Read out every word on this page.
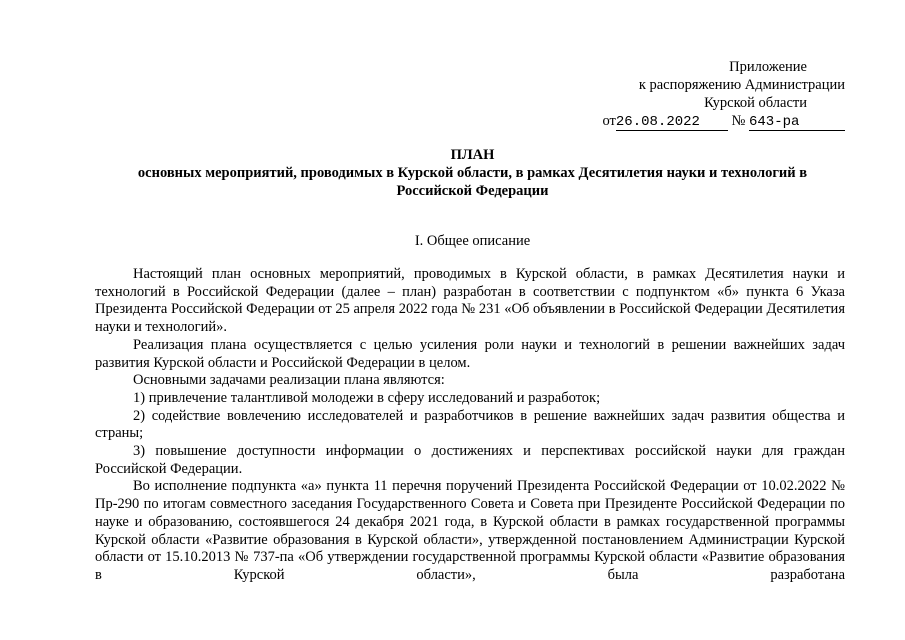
Приложение
к распоряжению Администрации
Курской области
от26.08.2022 № 643-ра
ПЛАН
основных мероприятий, проводимых в Курской области, в рамках Десятилетия науки и технологий в Российской Федерации
I. Общее описание

Настоящий план основных мероприятий, проводимых в Курской области, в рамках Десятилетия науки и технологий в Российской Федерации (далее – план) разработан в соответствии с подпунктом «б» пункта 6 Указа Президента Российской Федерации от 25 апреля 2022 года № 231 «Об объявлении в Российской Федерации Десятилетия науки и технологий».

Реализация плана осуществляется с целью усиления роли науки и технологий в решении важнейших задач развития Курской области и Российской Федерации в целом.

Основными задачами реализации плана являются:

1) привлечение талантливой молодежи в сферу исследований и разработок;

2) содействие вовлечению исследователей и разработчиков в решение важнейших задач развития общества и страны;

3) повышение доступности информации о достижениях и перспективах российской науки для граждан Российской Федерации.

Во исполнение подпункта «а» пункта 11 перечня поручений Президента Российской Федерации от 10.02.2022 № Пр-290 по итогам совместного заседания Государственного Совета и Совета при Президенте Российской Федерации по науке и образованию, состоявшегося 24 декабря 2021 года, в Курской области в рамках государственной программы Курской области «Развитие образования в Курской области», утвержденной постановлением Администрации Курской области от 15.10.2013 № 737-па «Об утверждении государственной программы Курской области «Развитие образования в Курской области», была разработана
